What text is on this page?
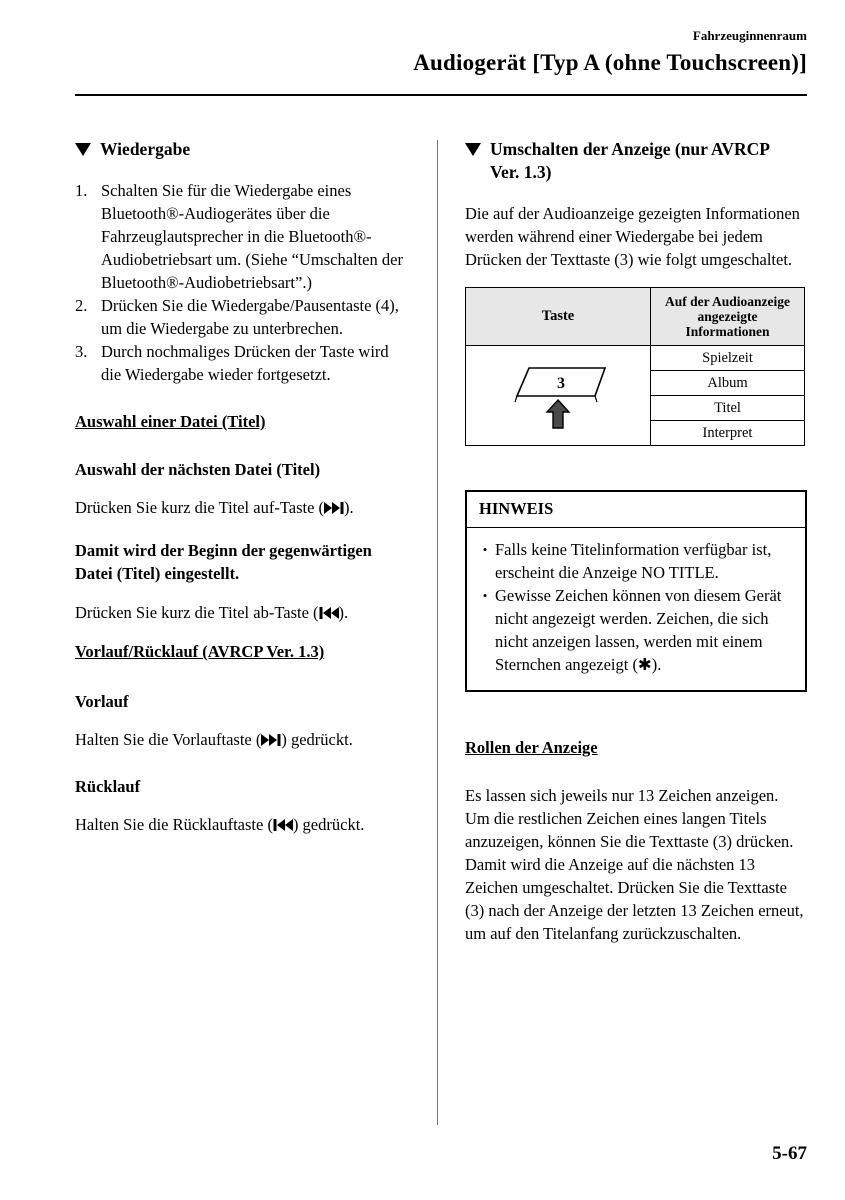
Fahrzeuginnenraum
Audiogerät [Typ A (ohne Touchscreen)]
Wiedergabe
1. Schalten Sie für die Wiedergabe eines Bluetooth®-Audiogerätes über die Fahrzeuglautsprecher in die Bluetooth®-Audiobetriebsart um. (Siehe “Umschalten der Bluetooth®-Audiobetriebsart”.)
2. Drücken Sie die Wiedergabe/Pausentaste (4), um die Wiedergabe zu unterbrechen.
3. Durch nochmaliges Drücken der Taste wird die Wiedergabe wieder fortgesetzt.
Auswahl einer Datei (Titel)
Auswahl der nächsten Datei (Titel)

Drücken Sie kurz die Titel auf-Taste ( ).

Damit wird der Beginn der gegenwärtigen Datei (Titel) eingestellt.

Drücken Sie kurz die Titel ab-Taste ( ).

Vorlauf/Rücklauf (AVRCP Ver. 1.3)
Vorlauf

Halten Sie die Vorlauftaste ( ) gedrückt.

Rücklauf

Halten Sie die Rücklauftaste ( ) gedrückt.

Umschalten der Anzeige (nur AVRCP Ver. 1.3)

Die auf der Audioanzeige gezeigten Informationen werden während einer Wiedergabe bei jedem Drücken der Texttaste (3) wie folgt umgeschaltet.

Taste	Auf der Audioanzeige angezeigte Informationen

3	Spielzeit
	Album
	Titel
	Interpret
HINWEIS
• Falls keine Titelinformation verfügbar ist, erscheint die Anzeige NO TITLE.
• Gewisse Zeichen können von diesem Gerät nicht angezeigt werden. Zeichen, die sich nicht anzeigen lassen, werden mit einem Sternchen angezeigt (✱).
Rollen der Anzeige

Es lassen sich jeweils nur 13 Zeichen anzeigen. Um die restlichen Zeichen eines langen Titels anzuzeigen, können Sie die Texttaste (3) drücken. Damit wird die Anzeige auf die nächsten 13 Zeichen umgeschaltet. Drücken Sie die Texttaste (3) nach der Anzeige der letzten 13 Zeichen erneut, um auf den Titelanfang zurückzuschalten.

5-67
